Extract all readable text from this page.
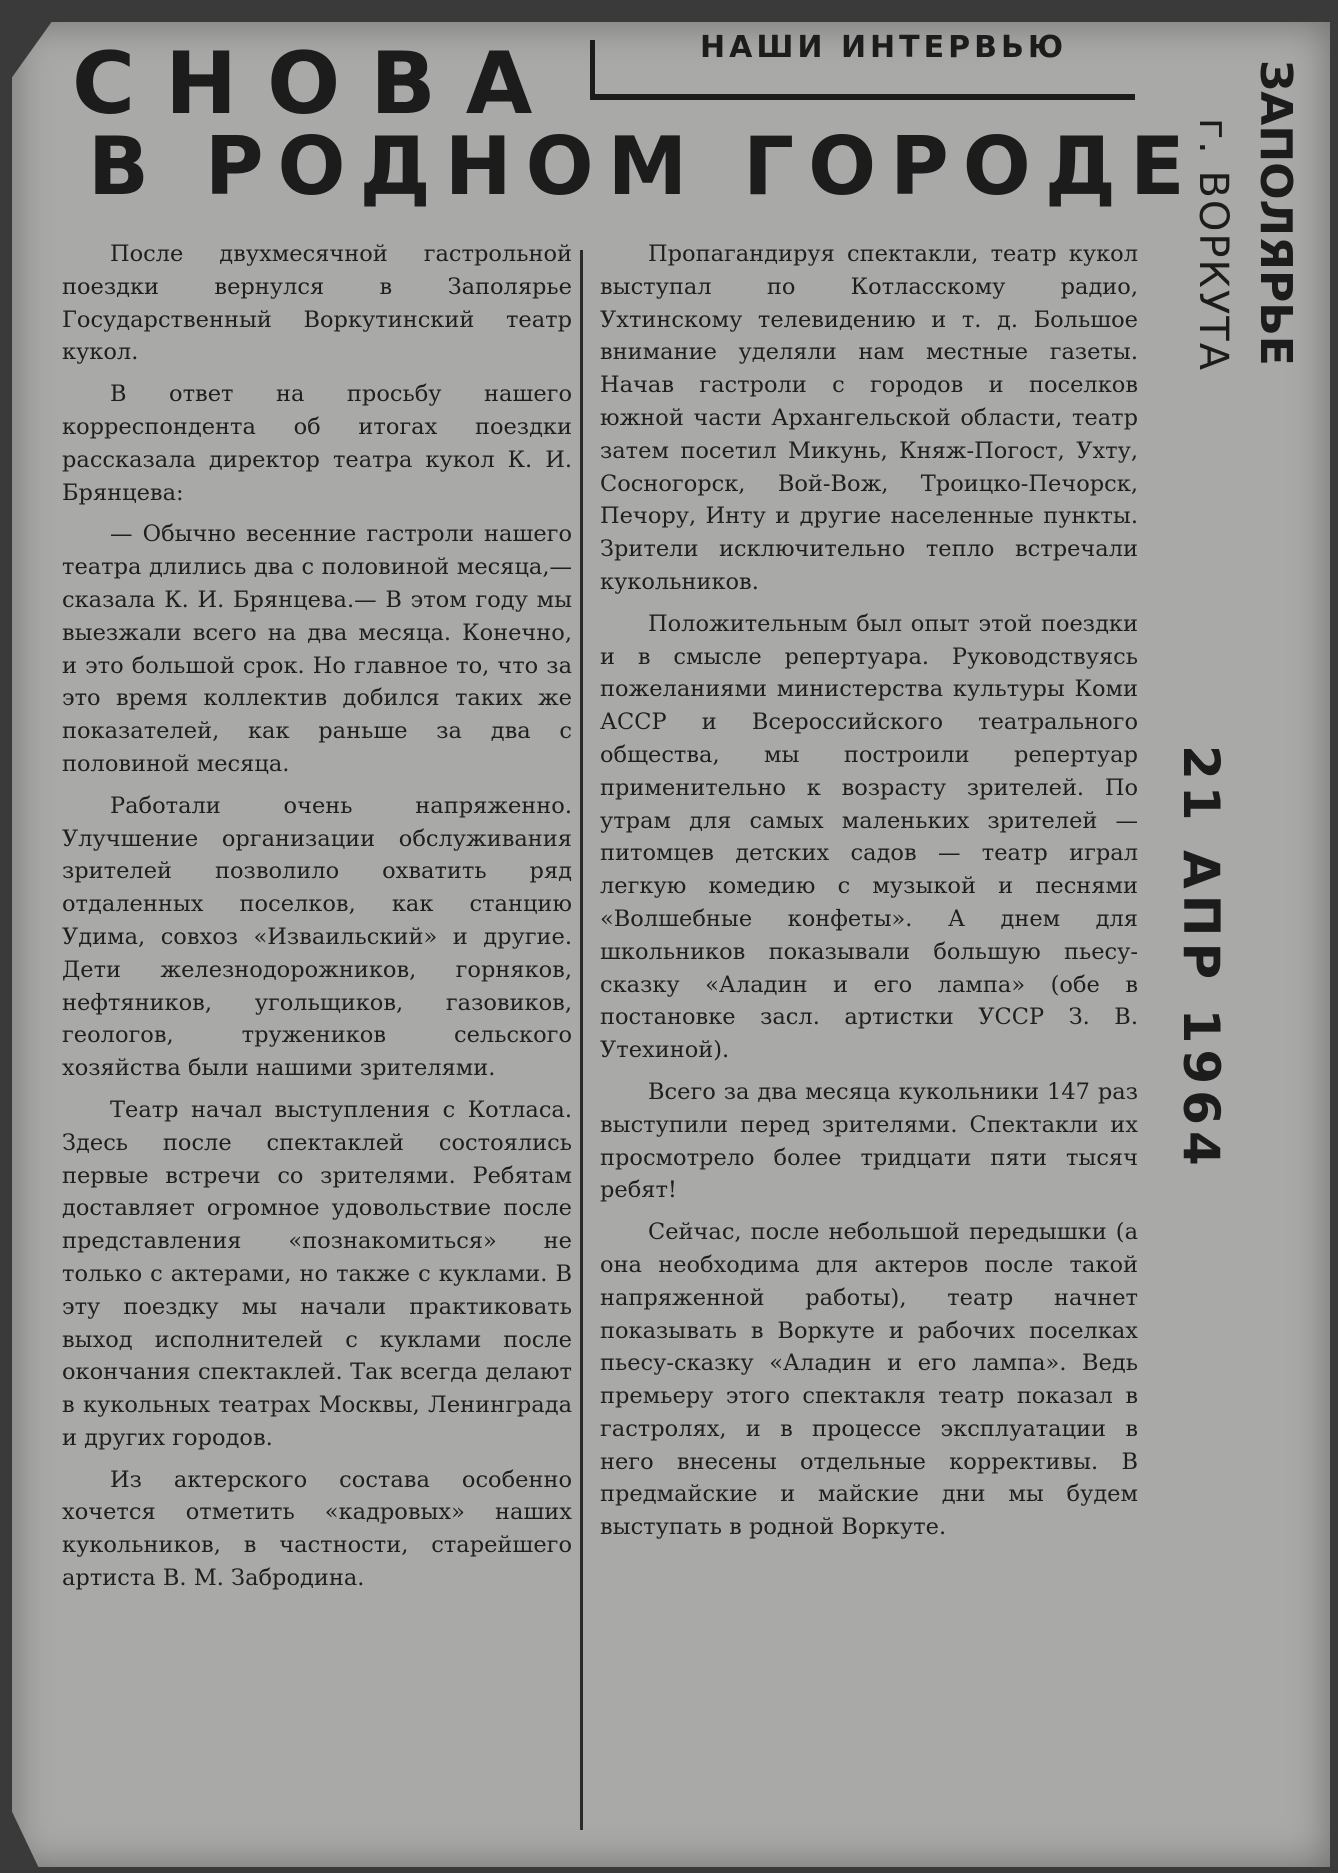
НАШИ ИНТЕРВЬЮ
СНОВА
В РОДНОМ ГОРОДЕ ЗАПОЛЯРЬЕ
г. ВОРКУТА
21 АПР 1964

После двухмесячной гастрольной поездки вернулся в Заполярье Государственный Воркутинский театр кукол.

В ответ на просьбу нашего корреспондента об итогах поездки рассказала директор театра кукол К. И. Брянцева:

— Обычно весенние гастроли нашего театра длились два с половиной месяца,— сказала К. И. Брянцева.— В этом году мы выезжали всего на два месяца. Конечно, и это большой срок. Но главное то, что за это время коллектив добился таких же показателей, как раньше за два с половиной месяца.

Работали очень напряженно. Улучшение организации обслуживания зрителей позволило охватить ряд отдаленных поселков, как станцию Удима, совхоз «Изваильский» и другие. Дети железнодорожников, горняков, нефтяников, угольщиков, газовиков, геологов, тружеников сельского хозяйства были нашими зрителями.

Театр начал выступления с Котласа. Здесь после спектаклей состоялись первые встречи со зрителями. Ребятам доставляет огромное удовольствие после представления «познакомиться» не только с актерами, но также с куклами. В эту поездку мы начали практиковать выход исполнителей с куклами после окончания спектаклей. Так всегда делают в кукольных театрах Москвы, Ленинграда и других городов.

Из актерского состава особенно хочется отметить «кадровых» наших кукольников, в частности, старейшего артиста В. М. Забродина.

Пропагандируя спектакли, театр кукол выступал по Котласскому радио, Ухтинскому телевидению и т. д. Большое внимание уделяли нам местные газеты. Начав гастроли с городов и поселков южной части Архангельской области, театр затем посетил Микунь, Княж-Погост, Ухту, Сосногорск, Вой-Вож, Троицко-Печорск, Печору, Инту и другие населенные пункты. Зрители исключительно тепло встречали кукольников.

Положительным был опыт этой поездки и в смысле репертуара. Руководствуясь пожеланиями министерства культуры Коми АССР и Всероссийского театрального общества, мы построили репертуар применительно к возрасту зрителей. По утрам для самых маленьких зрителей — питомцев детских садов — театр играл легкую комедию с музыкой и песнями «Волшебные конфеты». А днем для школьников показывали большую пьесу-сказку «Аладин и его лампа» (обе в постановке засл. артистки УССР З. В. Утехиной).

Всего за два месяца кукольники 147 раз выступили перед зрителями. Спектакли их просмотрело более тридцати пяти тысяч ребят!

Сейчас, после небольшой передышки (а она необходима для актеров после такой напряженной работы), театр начнет показывать в Воркуте и рабочих поселках пьесу-сказку «Аладин и его лампа». Ведь премьеру этого спектакля театр показал в гастролях, и в процессе эксплуатации в него внесены отдельные коррективы. В предмайские и майские дни мы будем выступать в родной Воркуте.
